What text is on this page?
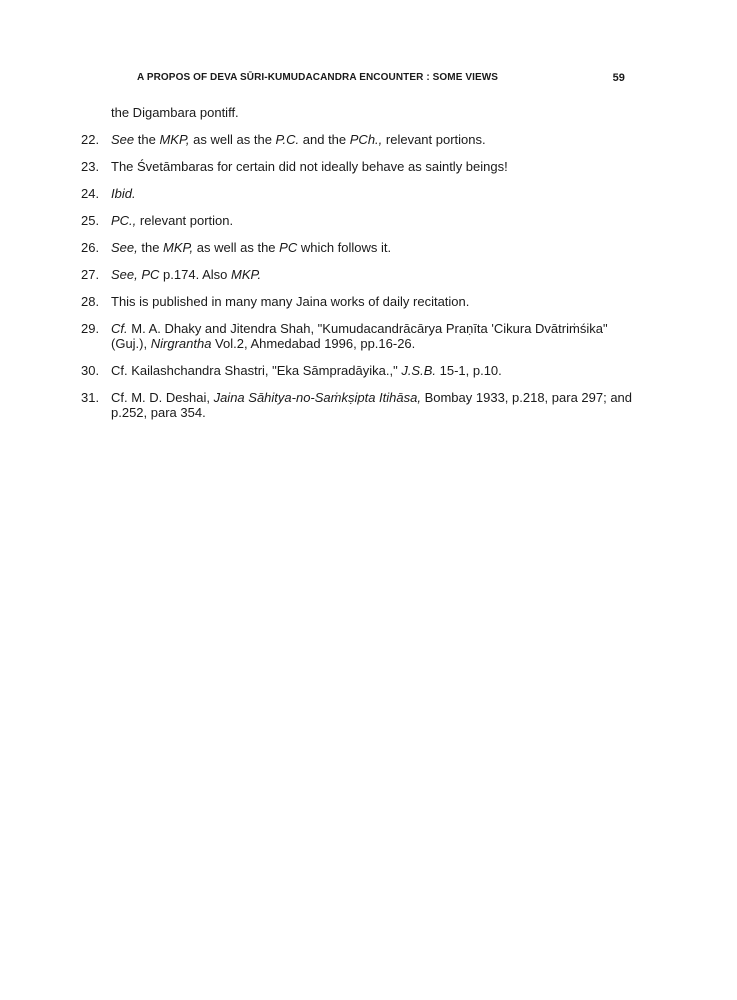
A PROPOS OF DEVA SŪRI-KUMUDACANDRA ENCOUNTER : SOME VIEWS	59
the Digambara pontiff.
22. See the MKP, as well as the P.C. and the PCh., relevant portions.
23. The Śvetāmbaras for certain did not ideally behave as saintly beings!
24. Ibid.
25. PC., relevant portion.
26. See, the MKP, as well as the PC which follows it.
27. See, PC p.174. Also MKP.
28. This is published in many many Jaina works of daily recitation.
29. Cf. M. A. Dhaky and Jitendra Shah, "Kumudacandrācārya Praṇīta 'Cikura Dvātriṁśika" (Guj.), Nirgrantha Vol.2, Ahmedabad 1996, pp.16-26.
30. Cf. Kailashchandra Shastri, "Eka Sāmpradāyika.," J.S.B. 15-1, p.10.
31. Cf. M. D. Deshai, Jaina Sāhitya-no-Saṁkṣipta Itihāsa, Bombay 1933, p.218, para 297; and p.252, para 354.
